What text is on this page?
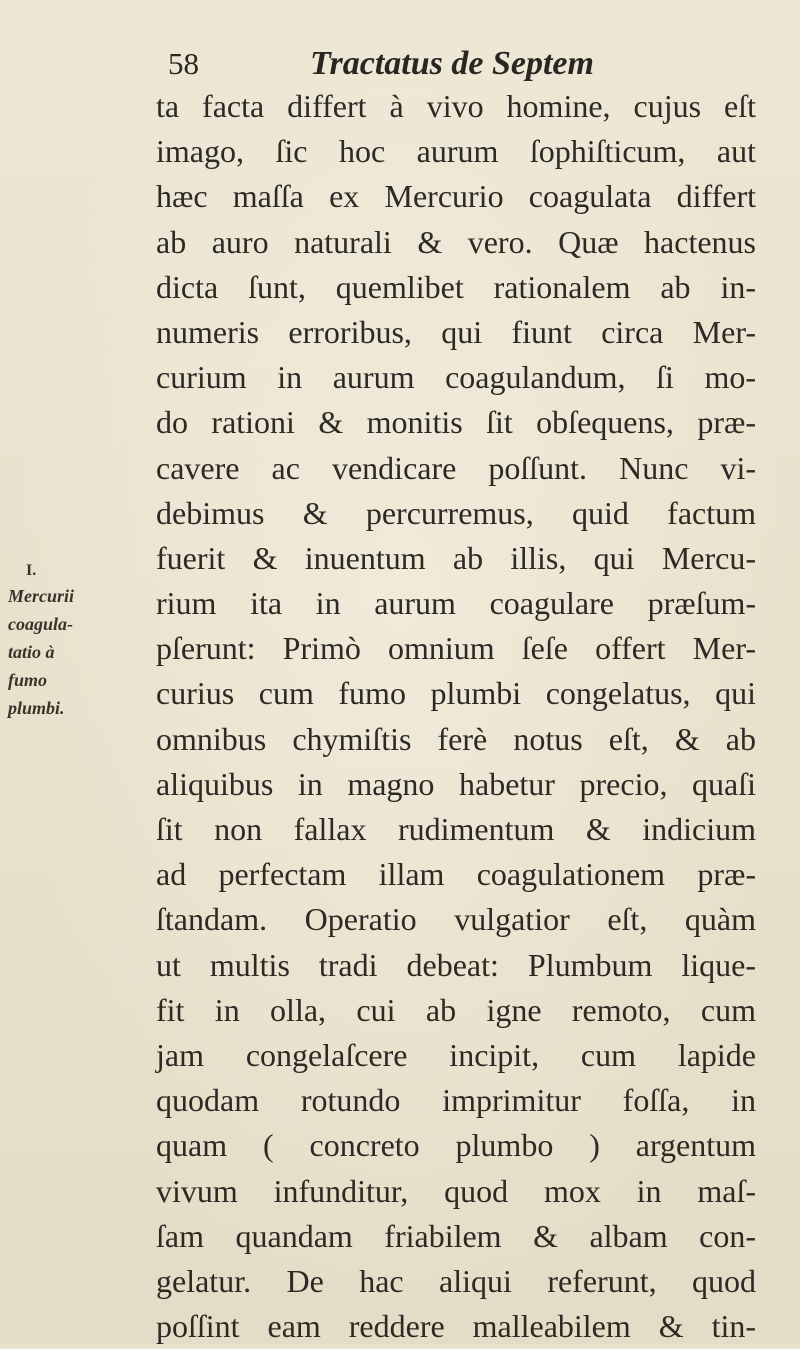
58	Tractatus de Septem
I.
Mercurii
coagula-
tatio à
fumo
plumbi.
ta facta differt à vivo homine, cujus eſt
imago, ſic hoc aurum ſophiſticum, aut
hæc maſſa ex Mercurio coagulata differt
ab auro naturali & vero. Quæ hactenus
dicta ſunt, quemlibet rationalem ab in-
numeris erroribus, qui fiunt circa Mer-
curium in aurum coagulandum, ſi mo-
do rationi & monitis ſit obſequens, præ-
cavere ac vendicare poſſunt. Nunc vi-
debimus & percurremus, quid factum
fuerit & inuentum ab illis, qui Mercu-
rium ita in aurum coagulare præſum-
pſerunt: Primò omnium ſeſe offert Mer-
curius cum fumo plumbi congelatus, qui
omnibus chymiſtis ferè notus eſt, & ab
aliquibus in magno habetur precio, quaſi
ſit non fallax rudimentum & indicium
ad perfectam illam coagulationem præ-
ſtandam. Operatio vulgatior eſt, quàm
ut multis tradi debeat: Plumbum lique-
fit in olla, cui ab igne remoto, cum
jam congelaſcere incipit, cum lapide
quodam rotundo imprimitur foſſa, in
quam ( concreto plumbo ) argentum
vivum infunditur, quod mox in maſ-
ſam quandam friabilem & albam con-
gelatur. De hac aliqui referunt, quod
poſſint eam reddere malleabilem & tin-
